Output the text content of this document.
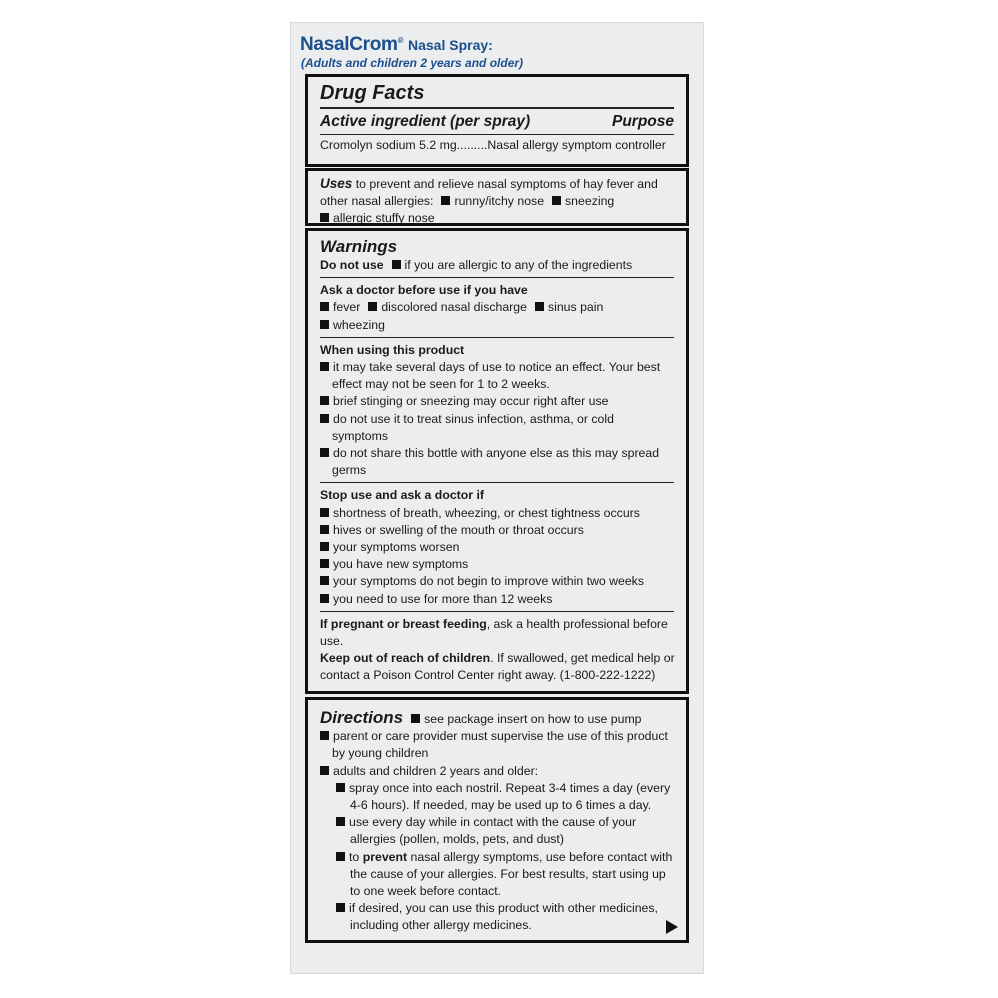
NasalCrom® Nasal Spray:
(Adults and children 2 years and older)
Drug Facts
Active ingredient (per spray)	Purpose
Cromolyn sodium 5.2 mg.........Nasal allergy symptom controller
Uses to prevent and relieve nasal symptoms of hay fever and
other nasal allergies: runny/itchy nose sneezing
allergic stuffy nose
Warnings
Do not use if you are allergic to any of the ingredients
Ask a doctor before use if you have
fever discolored nasal discharge sinus pain
wheezing
When using this product
it may take several days of use to notice an effect. Your best
effect may not be seen for 1 to 2 weeks.
brief stinging or sneezing may occur right after use
do not use it to treat sinus infection, asthma, or cold
symptoms
do not share this bottle with anyone else as this may spread
germs
Stop use and ask a doctor if
shortness of breath, wheezing, or chest tightness occurs
hives or swelling of the mouth or throat occurs
your symptoms worsen
you have new symptoms
your symptoms do not begin to improve within two weeks
you need to use for more than 12 weeks
If pregnant or breast feeding, ask a health professional before
use.
Keep out of reach of children. If swallowed, get medical help or
contact a Poison Control Center right away. (1-800-222-1222)
Directions see package insert on how to use pump
parent or care provider must supervise the use of this product
by young children
adults and children 2 years and older:
spray once into each nostril. Repeat 3-4 times a day (every
4-6 hours). If needed, may be used up to 6 times a day.
use every day while in contact with the cause of your
allergies (pollen, molds, pets, and dust)
to prevent nasal allergy symptoms, use before contact with
the cause of your allergies. For best results, start using up
to one week before contact.
if desired, you can use this product with other medicines,
including other allergy medicines.
